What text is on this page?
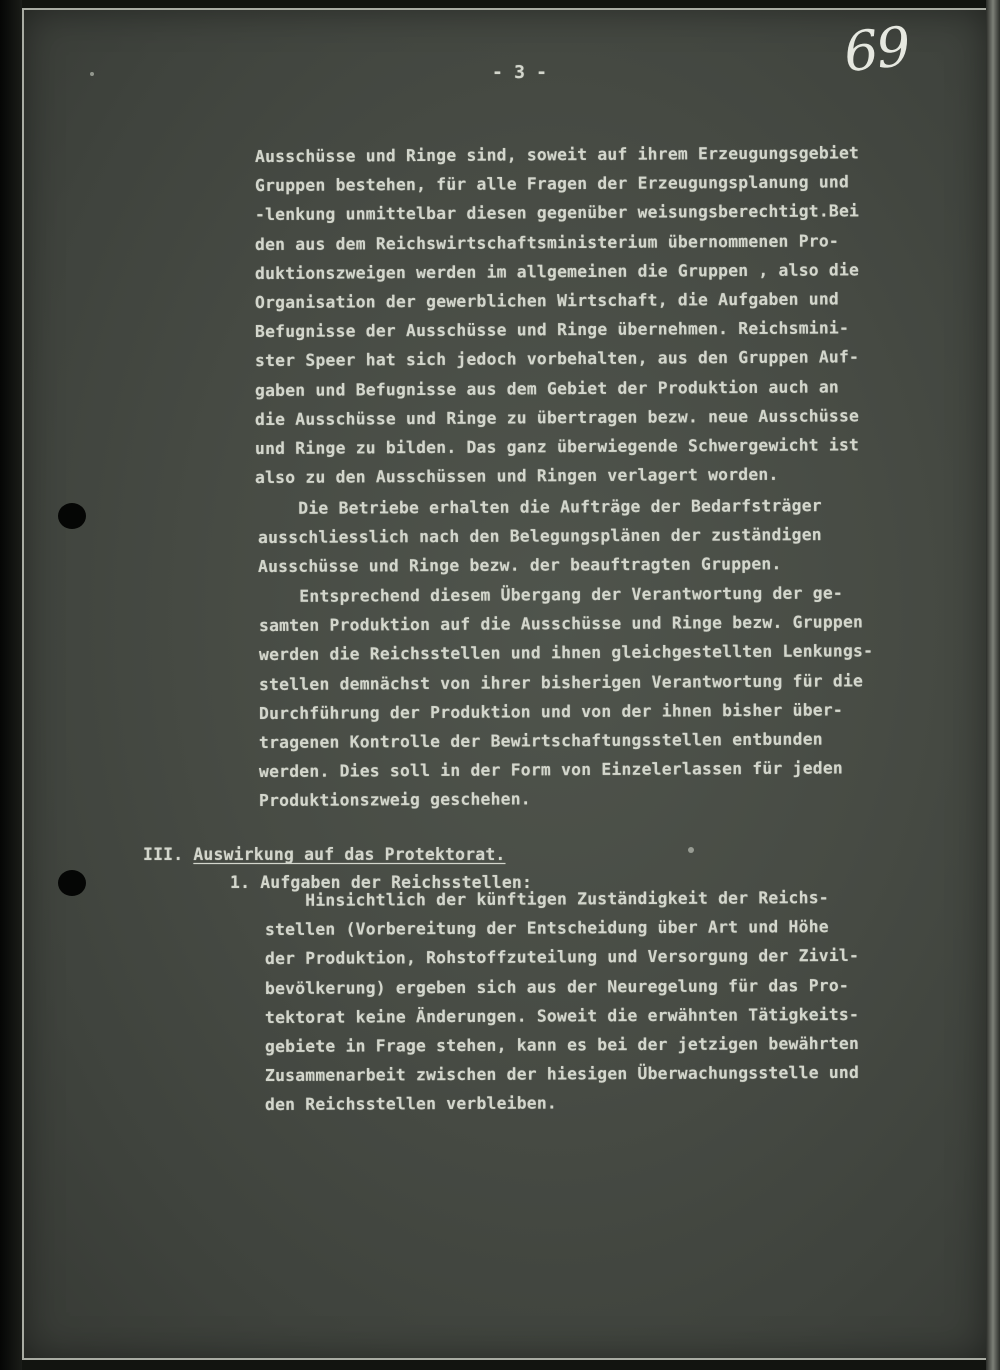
69
- 3 -
Ausschüsse und Ringe sind, soweit auf ihrem Erzeugungsgebiet
Gruppen bestehen, für alle Fragen der Erzeugungsplanung und
-lenkung unmittelbar diesen gegenüber weisungsberechtigt.Bei
den aus dem Reichswirtschaftsministerium übernommenen Pro-
duktionszweigen werden im allgemeinen die Gruppen , also die
Organisation der gewerblichen Wirtschaft, die Aufgaben und
Befugnisse der Ausschüsse und Ringe übernehmen. Reichsmini-
ster Speer hat sich jedoch vorbehalten, aus den Gruppen Auf-
gaben und Befugnisse aus dem Gebiet der Produktion auch an
die Ausschüsse und Ringe zu übertragen bezw. neue Ausschüsse
und Ringe zu bilden. Das ganz überwiegende Schwergewicht ist
also zu den Ausschüssen und Ringen verlagert worden.
Die Betriebe erhalten die Aufträge der Bedarfsträger
ausschliesslich nach den Belegungsplänen der zuständigen
Ausschüsse und Ringe bezw. der beauftragten Gruppen.
Entsprechend diesem Übergang der Verantwortung der ge-
samten Produktion auf die Ausschüsse und Ringe bezw. Gruppen
werden die Reichsstellen und ihnen gleichgestellten Lenkungs-
stellen demnächst von ihrer bisherigen Verantwortung für die
Durchführung der Produktion und von der ihnen bisher über-
tragenen Kontrolle der Bewirtschaftungsstellen entbunden
werden. Dies soll in der Form von Einzelerlassen für jeden
Produktionszweig geschehen.
III. Auswirkung auf das Protektorat.
1. Aufgaben der Reichsstellen:
Hinsichtlich der künftigen Zuständigkeit der Reichs-
stellen (Vorbereitung der Entscheidung über Art und Höhe
der Produktion, Rohstoffzuteilung und Versorgung der Zivil-
bevölkerung) ergeben sich aus der Neuregelung für das Pro-
tektorat keine Änderungen. Soweit die erwähnten Tätigkeits-
gebiete in Frage stehen, kann es bei der jetzigen bewährten
Zusammenarbeit zwischen der hiesigen Überwachungsstelle und
den Reichsstellen verbleiben.
